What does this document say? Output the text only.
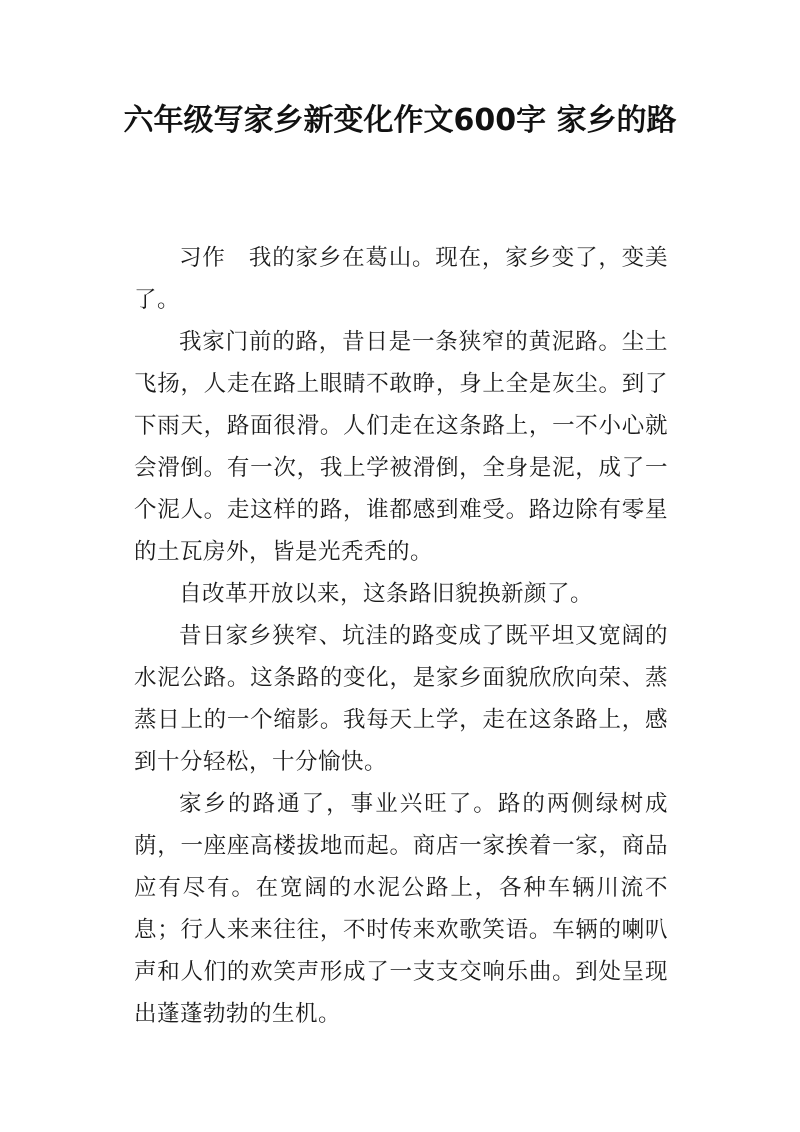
六年级写家乡新变化作文600字 家乡的路

习作　我的家乡在葛山。现在，家乡变了，变美了。

我家门前的路，昔日是一条狭窄的黄泥路。尘土飞扬，人走在路上眼睛不敢睁，身上全是灰尘。到了下雨天，路面很滑。人们走在这条路上，一不小心就会滑倒。有一次，我上学被滑倒，全身是泥，成了一个泥人。走这样的路，谁都感到难受。路边除有零星的土瓦房外，皆是光秃秃的。

自改革开放以来，这条路旧貌换新颜了。

昔日家乡狭窄、坑洼的路变成了既平坦又宽阔的水泥公路。这条路的变化，是家乡面貌欣欣向荣、蒸蒸日上的一个缩影。我每天上学，走在这条路上，感到十分轻松，十分愉快。

家乡的路通了，事业兴旺了。路的两侧绿树成荫，一座座高楼拔地而起。商店一家挨着一家，商品应有尽有。在宽阔的水泥公路上，各种车辆川流不息；行人来来往往，不时传来欢歌笑语。车辆的喇叭声和人们的欢笑声形成了一支支交响乐曲。到处呈现出蓬蓬勃勃的生机。
